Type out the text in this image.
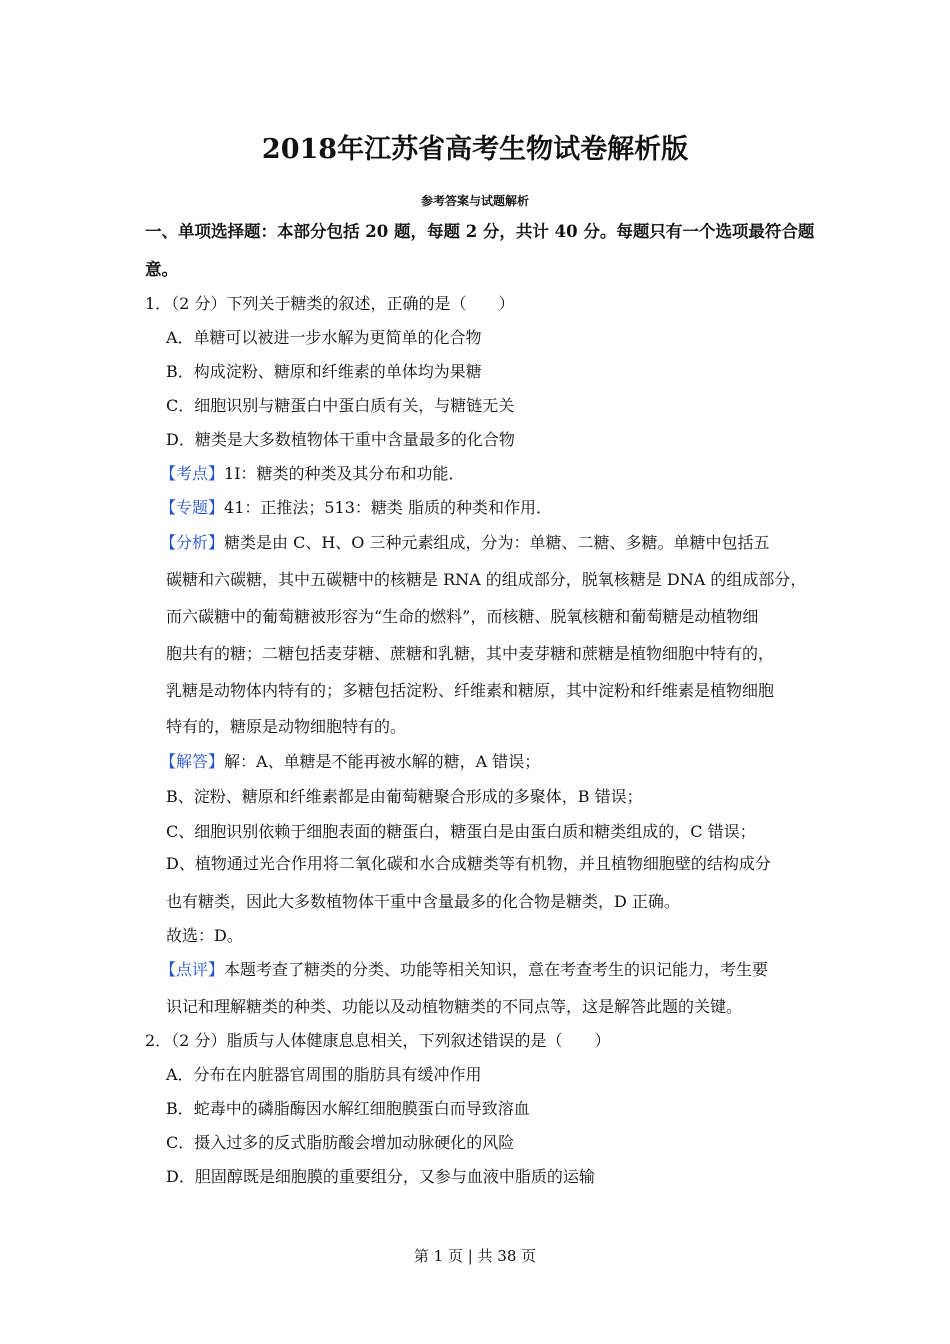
2018年江苏省高考生物试卷解析版
参考答案与试题解析
一、单项选择题：本部分包括 20 题，每题 2 分，共计 40 分。每题只有一个选项最符合题
意。
1．（2 分）下列关于糖类的叙述，正确的是（　　）
A．单糖可以被进一步水解为更简单的化合物
B．构成淀粉、糖原和纤维素的单体均为果糖
C．细胞识别与糖蛋白中蛋白质有关，与糖链无关
D．糖类是大多数植物体干重中含量最多的化合物
【考点】1I：糖类的种类及其分布和功能．
【专题】41：正推法；513：糖类 脂质的种类和作用．
【分析】糖类是由 C、H、O 三种元素组成，分为：单糖、二糖、多糖。单糖中包括五
碳糖和六碳糖，其中五碳糖中的核糖是 RNA 的组成部分，脱氧核糖是 DNA 的组成部分，
而六碳糖中的葡萄糖被形容为“生命的燃料”，而核糖、脱氧核糖和葡萄糖是动植物细
胞共有的糖；二糖包括麦芽糖、蔗糖和乳糖，其中麦芽糖和蔗糖是植物细胞中特有的，
乳糖是动物体内特有的；多糖包括淀粉、纤维素和糖原，其中淀粉和纤维素是植物细胞
特有的，糖原是动物细胞特有的。
【解答】解：A、单糖是不能再被水解的糖，A 错误；
B、淀粉、糖原和纤维素都是由葡萄糖聚合形成的多聚体，B 错误；
C、细胞识别依赖于细胞表面的糖蛋白，糖蛋白是由蛋白质和糖类组成的，C 错误；
D、植物通过光合作用将二氧化碳和水合成糖类等有机物，并且植物细胞壁的结构成分
也有糖类，因此大多数植物体干重中含量最多的化合物是糖类，D 正确。
故选：D。
【点评】本题考查了糖类的分类、功能等相关知识，意在考查考生的识记能力，考生要
识记和理解糖类的种类、功能以及动植物糖类的不同点等，这是解答此题的关键。
2．（2 分）脂质与人体健康息息相关，下列叙述错误的是（　　）
A．分布在内脏器官周围的脂肪具有缓冲作用
B．蛇毒中的磷脂酶因水解红细胞膜蛋白而导致溶血
C．摄入过多的反式脂肪酸会增加动脉硬化的风险
D．胆固醇既是细胞膜的重要组分，又参与血液中脂质的运输
第 1 页 | 共 38 页
